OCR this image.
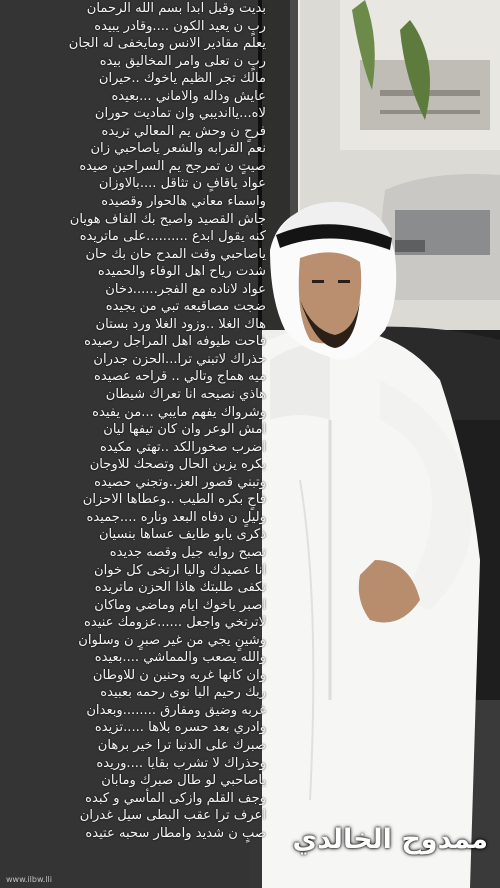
بديت وقبل ابدا بسم الله الرحمان
ربٍ ن يعيد الكون ....وقادر يبيده
يعلم مقادير الانس ومايخفى له الجان
ربٍ ن تعلى وامر المخاليق بيده
مالك تجر الظيم ياخوك ..حيران
عايش وداله والاماني ...بعيده
لاه...ياانديبي وان تماديت حوران
فرحٍ ن وحش يم المعالي تريده
نعم القرابه والشعر ياصاحبي زان
صيتٍ ن تمرجح يم السراحين صيده
عواد ياقافٍ ن تثاقل ....بالاوزان
واسماء معاني هالحوار وقصيده
جاش القصيد واصبح بك القاف هويان
كنه يقول ابدع ..........على ماتريده
ياصاحبي وقت المدح حان بك حان
شدت رياح اهل الوفاء والحميده
عواد لاناده مع الفجر......دخان
ضجت مصاقيعه تبي من يجيده
هاك الغلا ..وزود الغلا ورد بستان
فاحت طيوفه اهل المراجل رصيده
حذراك لاتبني ترا...الحزن جدران
ميه هماج وتالي .. قراحه عصيده
هاذي نصيحه انا تعراك شيطان
وشرواك يفهم مايبي ...من يفيده
امش الوعر وان كان تيفها ليان
اضرب صخورالكد ..تهتي مكيده
بكره يزين الحال وتصحك للاوجان
وتبني قصور العز..وتجني حصيده
فاحٍ بكره الطيب ..وعطاها الاحزان
وليلٍ ن دفاه البعد وناره ....جميده
ذكرى يابو طايف عساها بنسيان
تصبح روايه جيل وقصه جديده
انا عصيدك واليا ارتخى كل خوان
تكفى طلبتك هاذا الحزن ماتريده
اصبر ياخوك ايام وماضي وماكان
لاترتخي واجعل ......عزومك عنيده
وشينٍ يجي من غير صبرٍ ن وسلوان
والله يصعب والمماشي ....بعيده
وان كانها غربه وحنين ن للاوطان
ربك رحيم اليا نوى رحمه بعبيده
غربه وضيق ومفارق ........وبعدان
وادري بعد حسره بلاها .....تزيده
صبرك على الدنيا ترا خير برهان
وحذراك لا تشرب بقايا ....وريده
ياصاحبي لو طال صبرك ومابان
وجف القلم وازكى المأسي و كبده
اعرف ترا عقب البطى سيل غدران
صبٍ ن شديد وامطار سحبه عتيده ممدوح الخالدي
www.ilbw.lli
